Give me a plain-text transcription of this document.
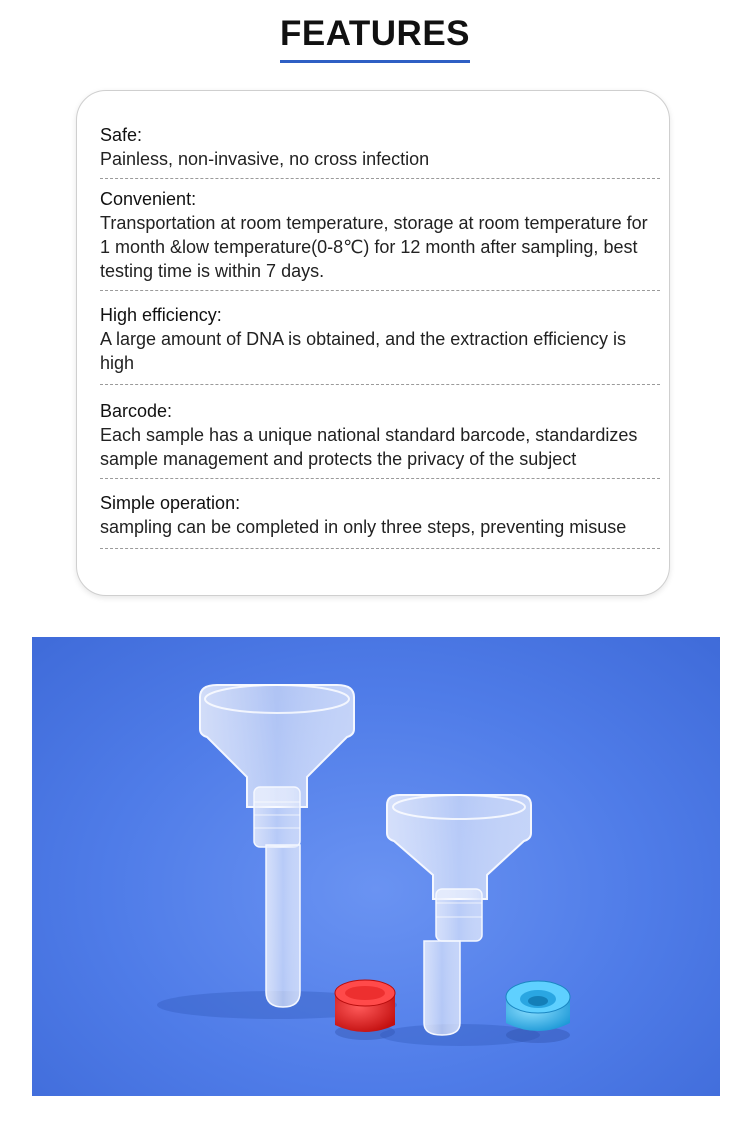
FEATURES
Safe:
Painless, non-invasive, no cross infection
Convenient:
Transportation at room temperature, storage at room temperature for 1 month &low temperature(0-8℃) for 12 month after sampling, best testing time is within 7 days.
High efficiency:
A large amount of DNA is obtained, and the extraction efficiency is high
Barcode:
Each sample has a unique national standard barcode, standardizes sample management and protects the privacy of the subject
Simple operation:
sampling can be completed in only three steps, preventing misuse
